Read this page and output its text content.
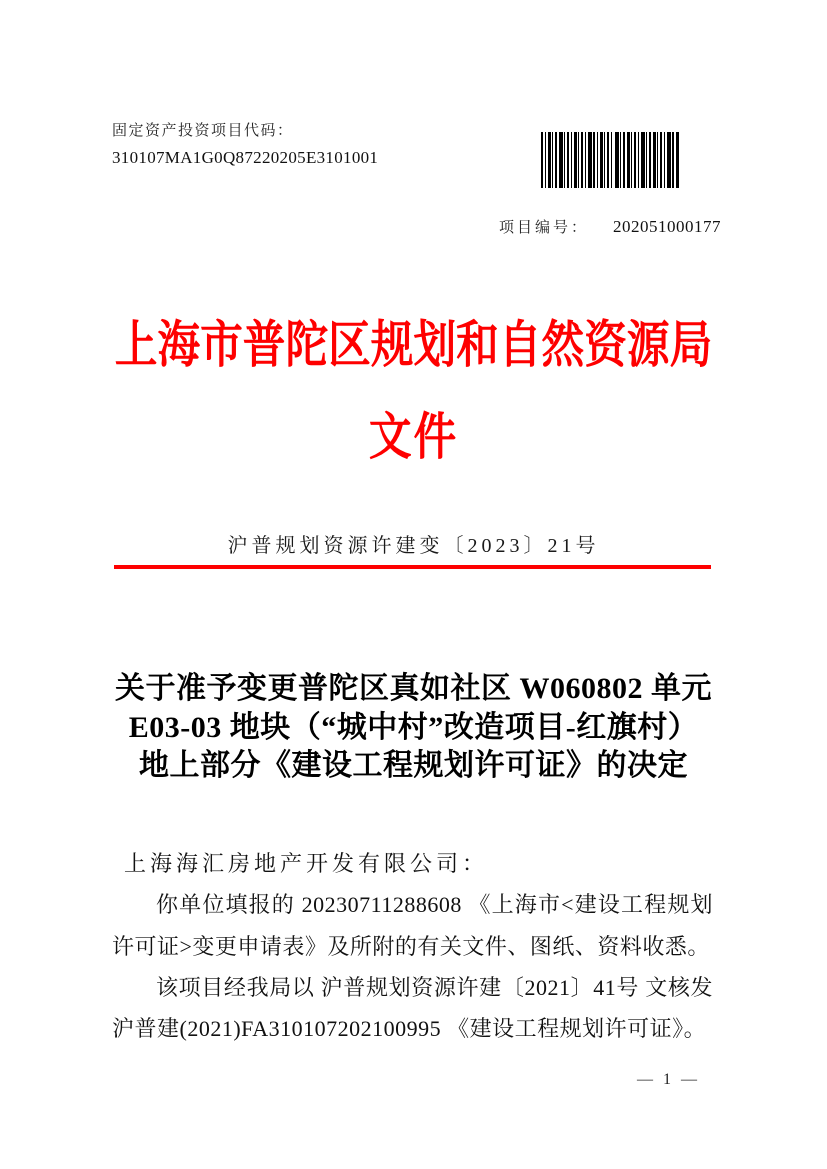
固定资产投资项目代码：
310107MA1G0Q87220205E3101001
项目编号： 202051000177
上海市普陀区规划和自然资源局
文件
沪普规划资源许建变〔2023〕21号
关于准予变更普陀区真如社区 W060802 单元
E03-03 地块（“城中村”改造项目-红旗村）
地上部分《建设工程规划许可证》的决定
上海海汇房地产开发有限公司：
你单位填报的 20230711288608 《上海市<建设工程规划
许可证>变更申请表》及所附的有关文件、图纸、资料收悉。
该项目经我局以 沪普规划资源许建〔2021〕41号 文核发
沪普建(2021)FA310107202100995 《建设工程规划许可证》。
— 1 —
